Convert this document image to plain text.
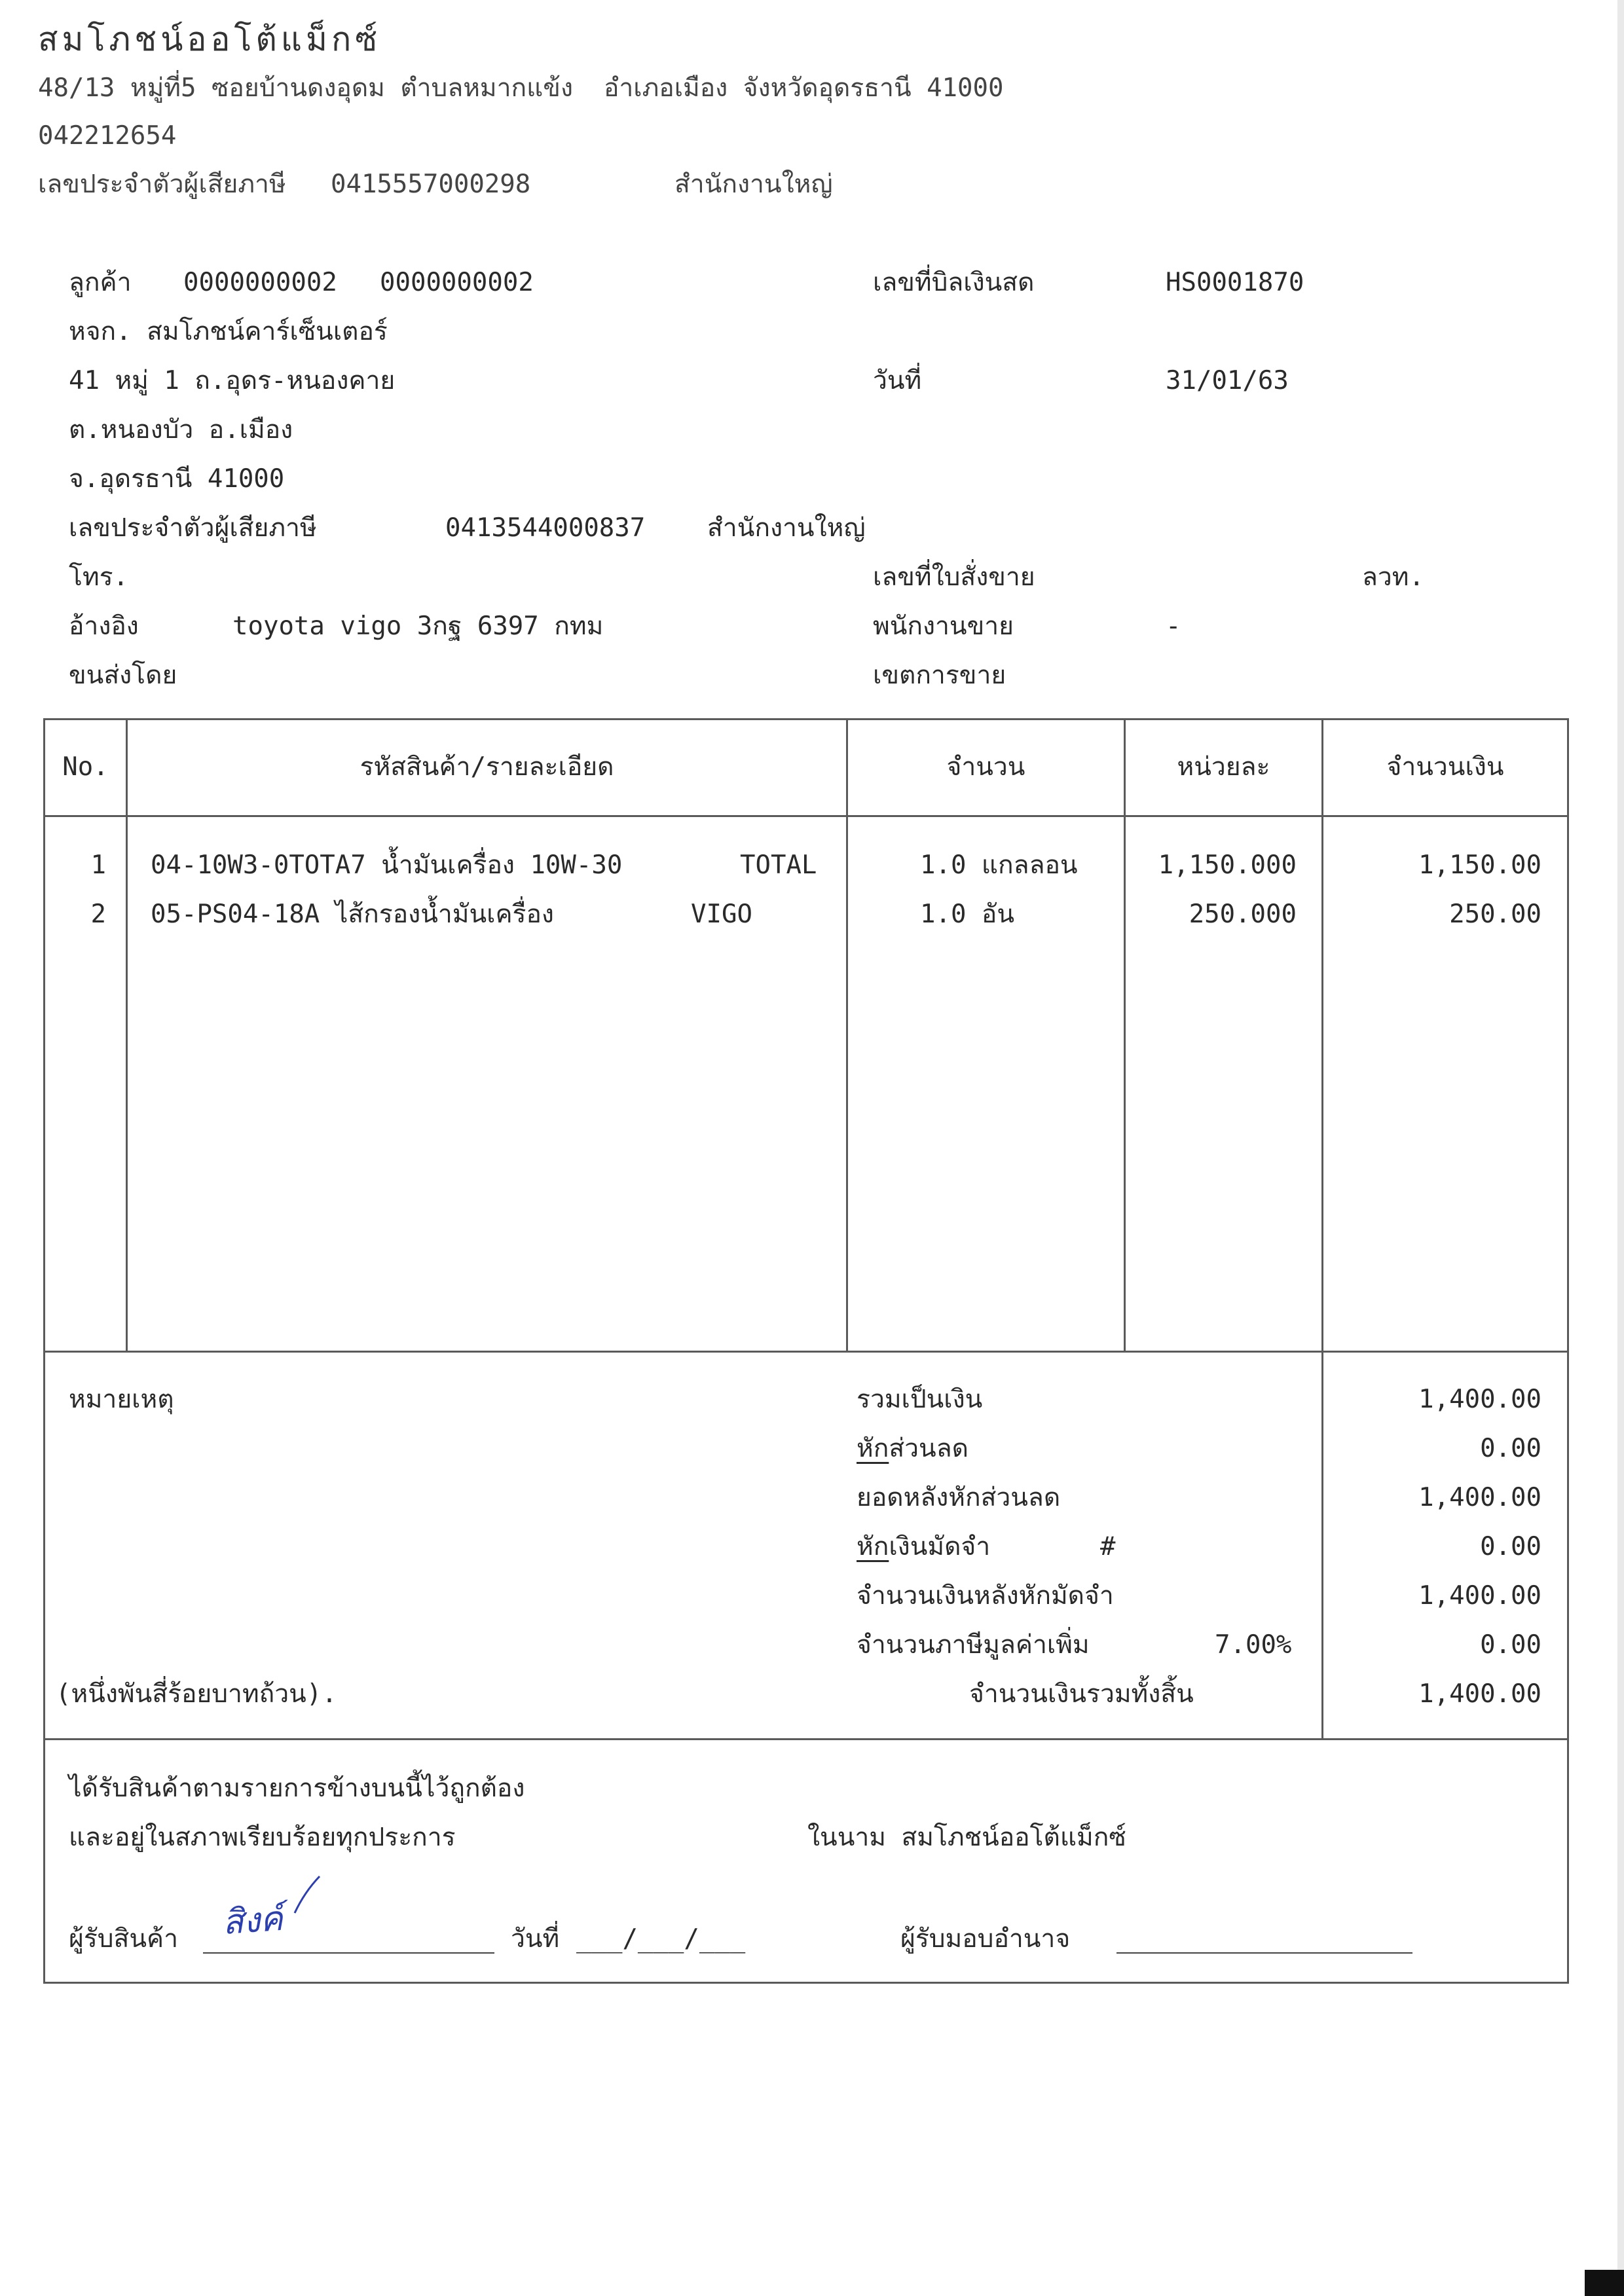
สมโภชน์ออโต้แม็กซ์
48/13 หมู่ที่5 ซอยบ้านดงอุดม ตำบลหมากแข้ง  อำเภอเมือง จังหวัดอุดรธานี 41000
042212654
เลขประจำตัวผู้เสียภาษี 0415557000298	สำนักงานใหญ่
ลูกค้า 0000000002 0000000002
หจก. สมโภชน์คาร์เซ็นเตอร์
41 หมู่ 1 ถ.อุดร-หนองคาย
ต.หนองบัว อ.เมือง
จ.อุดรธานี 41000
เลขประจำตัวผู้เสียภาษี	0413544000837 สำนักงานใหญ่
โทร.
อ้างอิง	toyota vigo 3กฐ 6397 กทม
ขนส่งโดย
เลขที่บิลเงินสด	HS0001870
วันที่	31/01/63
เลขที่ใบสั่งขาย	ลวท.
พนักงานขาย	-
เขตการขาย
No.	รหัสสินค้า/รายละเอียด	จำนวน	หน่วยละ	จำนวนเงิน
1 04-10W3-0TOTA7 น้ำมันเครื่อง 10W-30	TOTAL	1.0 แกลลอน	1,150.000	1,150.00
2 05-PS04-18A ไส้กรองน้ำมันเครื่อง	VIGO	1.0 อัน	250.000	250.00
หมายเหตุ
(หนึ่งพันสี่ร้อยบาทถ้วน).
รวมเป็นเงิน	1,400.00
หักส่วนลด	0.00
ยอดหลังหักส่วนลด	1,400.00
หักเงินมัดจำ	#	0.00
จำนวนเงินหลังหักมัดจำ	1,400.00
จำนวนภาษีมูลค่าเพิ่ม	7.00%	0.00
จำนวนเงินรวมทั้งสิ้น	1,400.00
ได้รับสินค้าตามรายการข้างบนนี้ไว้ถูกต้อง
และอยู่ในสภาพเรียบร้อยทุกประการ	ในนาม สมโภชน์ออโต้แม็กซ์
ผู้รับสินค้า สิงค์	วันที่ ___/___/___	ผู้รับมอบอำนาจ
